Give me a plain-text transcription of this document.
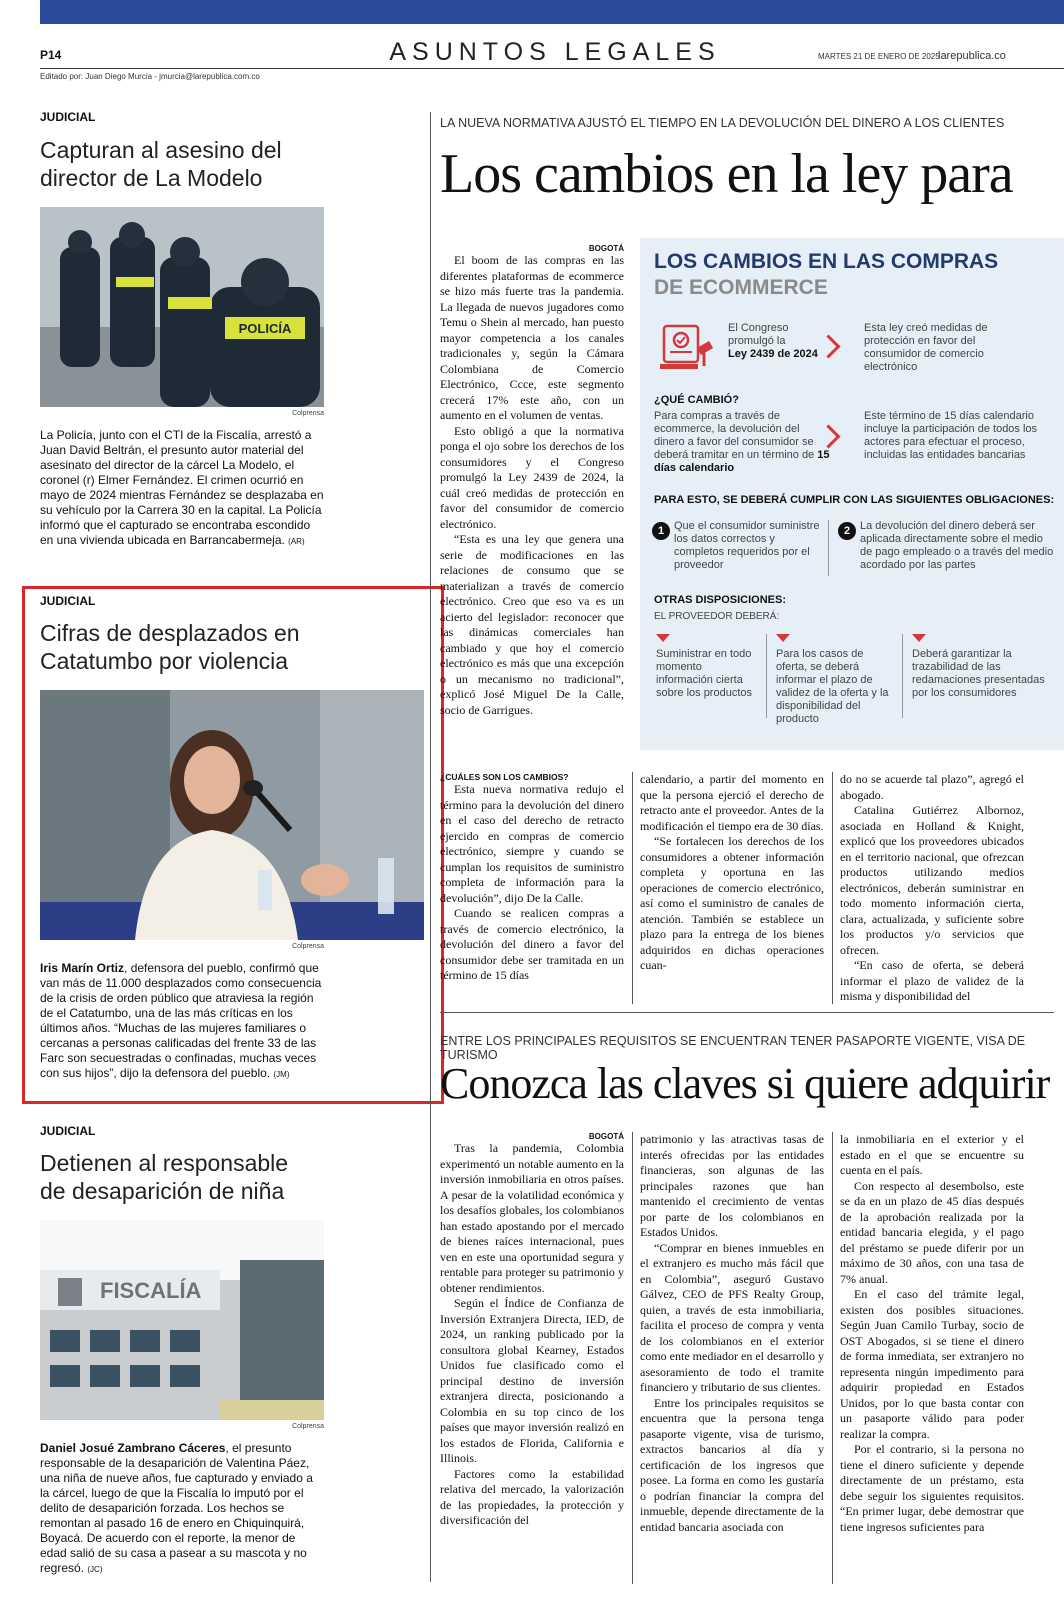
P14	ASUNTOS LEGALES	MARTES 21 DE ENERO DE 2025
larepublica.co
Editado por: Juan Diego Murcia - jmurcia@larepublica.com.co
JUDICIAL
Capturan al asesino del
director de La Modelo
POLICÍA
Colprensa
La Policía, junto con el CTI de la Fiscalía, arrestó a Juan David Beltrán, el presunto autor material del asesinato del director de la cárcel La Modelo, el coronel (r) Elmer Fernández. El crimen ocurrió en mayo de 2024 mientras Fernández se desplazaba en su vehículo por la Carrera 30 en la capital. La Policía informó que el capturado se encontraba escondido en una vivienda ubicada en Barrancabermeja. (AR)
JUDICIAL
Cifras de desplazados en
Catatumbo por violencia
Colprensa
Iris Marín Ortiz, defensora del pueblo, confirmó que van más de 11.000 desplazados como consecuencia de la crisis de orden público que atraviesa la región de el Catatumbo, una de las más críticas en los últimos años. “Muchas de las mujeres familiares o cercanas a personas calificadas del frente 33 de las Farc son secuestradas o confinadas, muchas veces con sus hijos”, dijo la defensora del pueblo. (JM)
JUDICIAL
Detienen al responsable
de desaparición de niña
FISCALÍA
Colprensa
Daniel Josué Zambrano Cáceres, el presunto responsable de la desaparición de Valentina Páez, una niña de nueve años, fue capturado y enviado a la cárcel, luego de que la Fiscalía lo imputó por el delito de desaparición forzada. Los hechos se remontan al pasado 16 de enero en Chiquinquirá, Boyacá. De acuerdo con el reporte, la menor de edad salió de su casa a pasear a su mascota y no regresó. (JC)
LA NUEVA NORMATIVA AJUSTÓ EL TIEMPO EN LA DEVOLUCIÓN DEL DINERO A LOS CLIENTES
Los cambios en la ley para
BOGOTÁ

El boom de las compras en las diferentes plataformas de ecommerce se hizo más fuerte tras la pandemia. La llegada de nuevos jugadores como Temu o Shein al mercado, han puesto mayor competencia a los canales tradicionales y, según la Cámara Colombiana de Comercio Electrónico, Ccce, este segmento crecerá 17% este año, con un aumento en el volumen de ventas.

Esto obligó a que la normativa ponga el ojo sobre los derechos de los consumidores y el Congreso promulgó la Ley 2439 de 2024, la cuál creó medidas de protección en favor del consumidor de comercio electrónico.

“Esta es una ley que genera una serie de modificaciones en las relaciones de consumo que se materializan a través de comercio electrónico. Creo que eso va es un acierto del legislador: reconocer que las dinámicas comerciales han cambiado y que hoy el comercio electrónico es más que una excepción o un mecanismo no tradicional”, explicó José Miguel De la Calle, socio de Garrigues.

LOS CAMBIOS EN LAS COMPRAS
DE ECOMMERCE
El Congreso promulgó la
Ley 2439 de 2024
Esta ley creó medidas de protección en favor del consumidor de comercio electrónico
¿QUÉ CAMBIÓ?
Para compras a través de ecommerce, la devolución del dinero a favor del consumidor se deberá tramitar en un término de 15 días calendario
Este término de 15 días calendario incluye la participación de todos los actores para efectuar el proceso, incluidas las entidades bancarias
PARA ESTO, SE DEBERÁ CUMPLIR CON LAS SIGUIENTES OBLIGACIONES:
1 Que el consumidor suministre los datos correctos y completos requeridos por el proveedor
2 La devolución del dinero deberá ser aplicada directamente sobre el medio de pago empleado o a través del medio acordado por las partes
OTRAS DISPOSICIONES:
EL PROVEEDOR DEBERÁ:
Suministrar en todo momento información cierta sobre los productos
Para los casos de oferta, se deberá informar el plazo de validez de la oferta y la disponibilidad del producto
Deberá garantizar la trazabilidad de las redamaciones presentadas por los consumidores
¿CUÁLES SON LOS CAMBIOS?

Esta nueva normativa redujo el término para la devolución del dinero en el caso del derecho de retracto ejercido en compras de comercio electrónico, siempre y cuando se cumplan los requisitos de suministro completa de información para la devolución”, dijo De la Calle.

Cuando se realicen compras a través de comercio electrónico, la devolución del dinero a favor del consumidor debe ser tramitada en un término de 15 días

calendario, a partir del momento en que la persona ejerció el derecho de retracto ante el proveedor. Antes de la modificación el tiempo era de 30 días.

“Se fortalecen los derechos de los consumidores a obtener información completa y oportuna en las operaciones de comercio electrónico, así como el suministro de canales de atención. También se establece un plazo para la entrega de los bienes adquiridos en dichas operaciones cuan-

do no se acuerde tal plazo”, agregó el abogado.

Catalina Gutiérrez Albornoz, asociada en Holland & Knight, explicó que los proveedores ubicados en el territorio nacional, que ofrezcan productos utilizando medios electrónicos, deberán suministrar en todo momento información cierta, clara, actualizada, y suficiente sobre los productos y/o servicios que ofrecen.

“En caso de oferta, se deberá informar el plazo de validez de la misma y disponibilidad del

ENTRE LOS PRINCIPALES REQUISITOS SE ENCUENTRAN TENER PASAPORTE VIGENTE, VISA DE TURISMO
Conozca las claves si quiere adquirir
BOGOTÁ

Tras la pandemia, Colombia experimentó un notable aumento en la inversión inmobiliaria en otros países. A pesar de la volatilidad económica y los desafíos globales, los colombianos han estado apostando por el mercado de bienes raíces internacional, pues ven en este una oportunidad segura y rentable para proteger su patrimonio y obtener rendimientos.

Según el Índice de Confianza de Inversión Extranjera Directa, IED, de 2024, un ranking publicado por la consultora global Kearney, Estados Unidos fue clasificado como el principal destino de inversión extranjera directa, posicionando a Colombia en su top cinco de los países que mayor inversión realizó en los estados de Florida, California e Illinois.

Factores como la estabilidad relativa del mercado, la valorización de las propiedades, la protección y diversificación del

patrimonio y las atractivas tasas de interés ofrecidas por las entidades financieras, son algunas de las principales razones que han mantenido el crecimiento de ventas por parte de los colombianos en Estados Unidos.

“Comprar en bienes inmuebles en el extranjero es mucho más fácil que en Colombia”, aseguró Gustavo Gálvez, CEO de PFS Realty Group, quien, a través de esta inmobiliaria, facilita el proceso de compra y venta de los colombianos en el exterior como ente mediador en el desarrollo y asesoramiento de todo el tramite financiero y tributario de sus clientes.

Entre los principales requisitos se encuentra que la persona tenga pasaporte vigente, visa de turismo, extractos bancarios al día y certificación de los ingresos que posee. La forma en como les gustaría o podrían financiar la compra del inmueble, depende directamente de la entidad bancaria asociada con

la inmobiliaria en el exterior y el estado en el que se encuentre su cuenta en el país.

Con respecto al desembolso, este se da en un plazo de 45 días después de la aprobación realizada por la entidad bancaria elegida, y el pago del préstamo se puede diferir por un máximo de 30 años, con una tasa de 7% anual.

En el caso del trámite legal, existen dos posibles situaciones. Según Juan Camilo Turbay, socio de OST Abogados, si se tiene el dinero de forma inmediata, ser extranjero no representa ningún impedimento para adquirir propiedad en Estados Unidos, por lo que basta contar con un pasaporte válido para poder realizar la compra.

Por el contrario, si la persona no tiene el dinero suficiente y depende directamente de un préstamo, esta debe seguir los siguientes requisitos. “En primer lugar, debe demostrar que tiene ingresos suficientes para
